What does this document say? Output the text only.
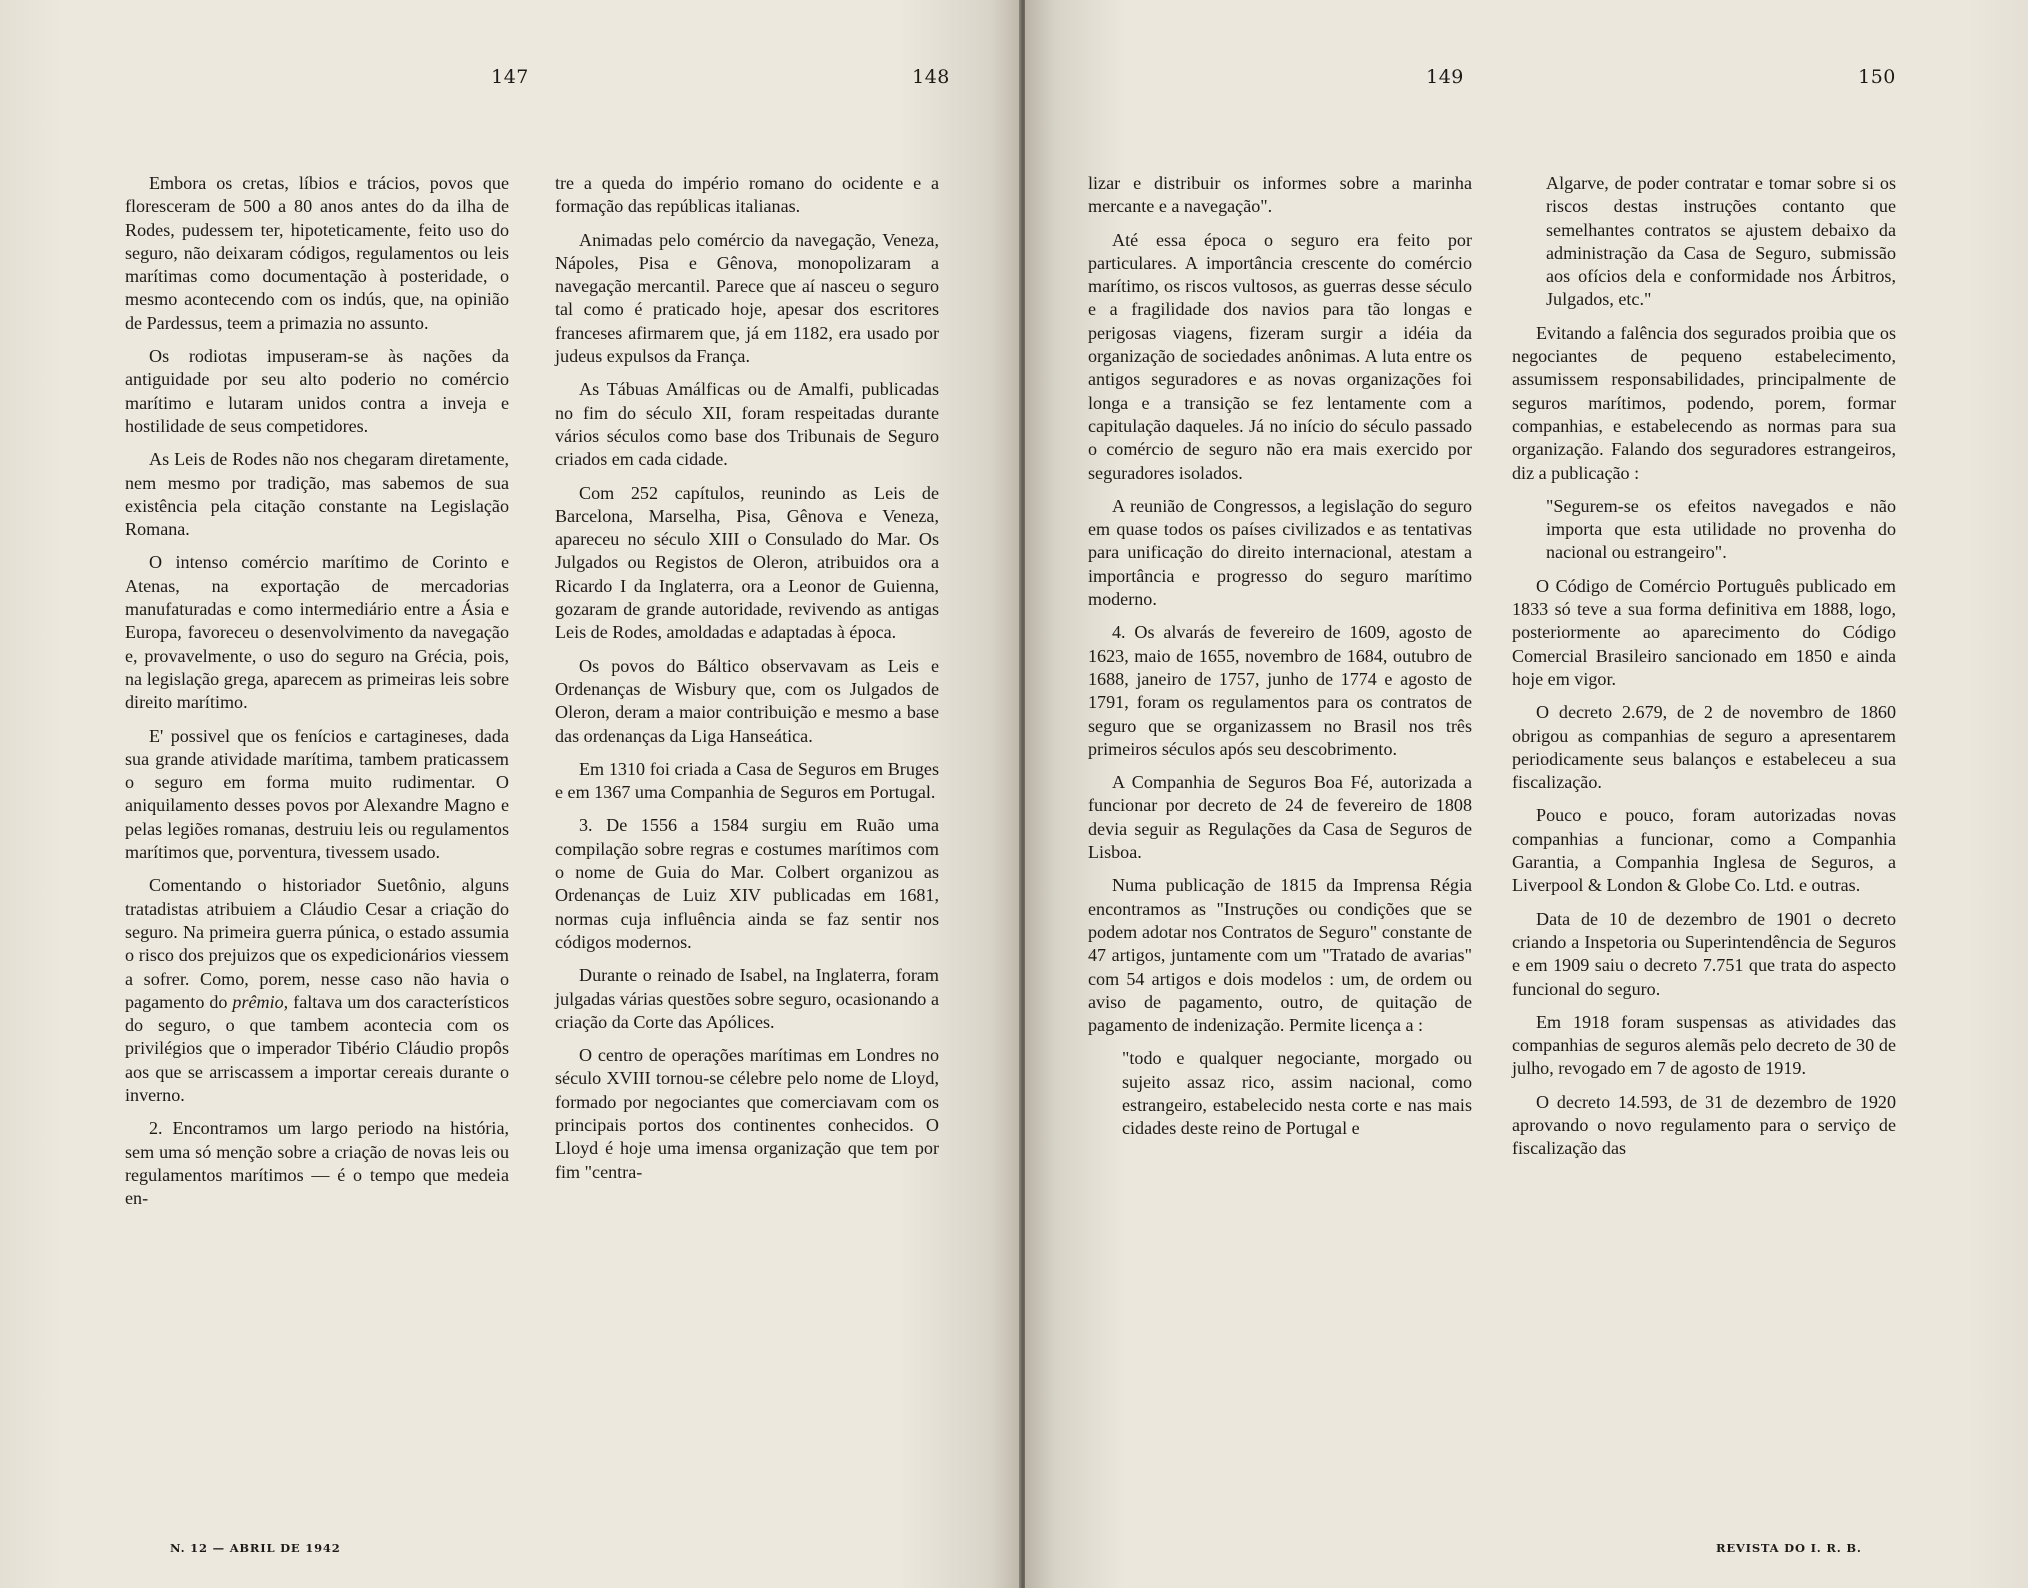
147	148

Embora os cretas, líbios e trácios, povos que floresceram de 500 a 80 anos antes do da ilha de Rodes, pudessem ter, hipoteticamente, feito uso do seguro, não deixaram códigos, regulamentos ou leis marítimas como documentação à posteridade, o mesmo acontecendo com os indús, que, na opinião de Pardessus, teem a primazia no assunto.

Os rodiotas impuseram-se às nações da antiguidade por seu alto poderio no comércio marítimo e lutaram unidos contra a inveja e hostilidade de seus competidores.

As Leis de Rodes não nos chegaram diretamente, nem mesmo por tradição, mas sabemos de sua existência pela citação constante na Legislação Romana.

O intenso comércio marítimo de Corinto e Atenas, na exportação de mercadorias manufaturadas e como intermediário entre a Ásia e Europa, favoreceu o desenvolvimento da navegação e, provavelmente, o uso do seguro na Grécia, pois, na legislação grega, aparecem as primeiras leis sobre direito marítimo.

E' possivel que os fenícios e cartagineses, dada sua grande atividade marítima, tambem praticassem o seguro em forma muito rudimentar. O aniquilamento desses povos por Alexandre Magno e pelas legiões romanas, destruiu leis ou regulamentos marítimos que, porventura, tivessem usado.

Comentando o historiador Suetônio, alguns tratadistas atribuiem a Cláudio Cesar a criação do seguro. Na primeira guerra púnica, o estado assumia o risco dos prejuizos que os expedicionários viessem a sofrer. Como, porem, nesse caso não havia o pagamento do prêmio, faltava um dos característicos do seguro, o que tambem acontecia com os privilégios que o imperador Tibério Cláudio propôs aos que se arriscassem a importar cereais durante o inverno.

2. Encontramos um largo periodo na história, sem uma só menção sobre a criação de novas leis ou regulamentos marítimos — é o tempo que medeia en-

tre a queda do império romano do ocidente e a formação das repúblicas italianas.

Animadas pelo comércio da navegação, Veneza, Nápoles, Pisa e Gênova, monopolizaram a navegação mercantil. Parece que aí nasceu o seguro tal como é praticado hoje, apesar dos escritores franceses afirmarem que, já em 1182, era usado por judeus expulsos da França.

As Tábuas Amálficas ou de Amalfi, publicadas no fim do século XII, foram respeitadas durante vários séculos como base dos Tribunais de Seguro criados em cada cidade.

Com 252 capítulos, reunindo as Leis de Barcelona, Marselha, Pisa, Gênova e Veneza, apareceu no século XIII o Consulado do Mar. Os Julgados ou Registos de Oleron, atribuidos ora a Ricardo I da Inglaterra, ora a Leonor de Guienna, gozaram de grande autoridade, revivendo as antigas Leis de Rodes, amoldadas e adaptadas à época.

Os povos do Báltico observavam as Leis e Ordenanças de Wisbury que, com os Julgados de Oleron, deram a maior contribuição e mesmo a base das ordenanças da Liga Hanseática.

Em 1310 foi criada a Casa de Seguros em Bruges e em 1367 uma Companhia de Seguros em Portugal.

3. De 1556 a 1584 surgiu em Ruão uma compilação sobre regras e costumes marítimos com o nome de Guia do Mar. Colbert organizou as Ordenanças de Luiz XIV publicadas em 1681, normas cuja influência ainda se faz sentir nos códigos modernos.

Durante o reinado de Isabel, na Inglaterra, foram julgadas várias questões sobre seguro, ocasionando a criação da Corte das Apólices.

O centro de operações marítimas em Londres no século XVIII tornou-se célebre pelo nome de Lloyd, formado por negociantes que comerciavam com os principais portos dos continentes conhecidos. O Lloyd é hoje uma imensa organização que tem por fim "centra-

N. 12 — ABRIL DE 1942
149	150

lizar e distribuir os informes sobre a marinha mercante e a navegação".

Até essa época o seguro era feito por particulares. A importância crescente do comércio marítimo, os riscos vultosos, as guerras desse século e a fragilidade dos navios para tão longas e perigosas viagens, fizeram surgir a idéia da organização de sociedades anônimas. A luta entre os antigos seguradores e as novas organizações foi longa e a transição se fez lentamente com a capitulação daqueles. Já no início do século passado o comércio de seguro não era mais exercido por seguradores isolados.

A reunião de Congressos, a legislação do seguro em quase todos os países civilizados e as tentativas para unificação do direito internacional, atestam a importância e progresso do seguro marítimo moderno.

4. Os alvarás de fevereiro de 1609, agosto de 1623, maio de 1655, novembro de 1684, outubro de 1688, janeiro de 1757, junho de 1774 e agosto de 1791, foram os regulamentos para os contratos de seguro que se organizassem no Brasil nos três primeiros séculos após seu descobrimento.

A Companhia de Seguros Boa Fé, autorizada a funcionar por decreto de 24 de fevereiro de 1808 devia seguir as Regulações da Casa de Seguros de Lisboa.

Numa publicação de 1815 da Imprensa Régia encontramos as "Instruções ou condições que se podem adotar nos Contratos de Seguro" constante de 47 artigos, juntamente com um "Tratado de avarias" com 54 artigos e dois modelos : um, de ordem ou aviso de pagamento, outro, de quitação de pagamento de indenização. Permite licença a :

"todo e qualquer negociante, morgado ou sujeito assaz rico, assim nacional, como estrangeiro, estabelecido nesta corte e nas mais cidades deste reino de Portugal e

Algarve, de poder contratar e tomar sobre si os riscos destas instruções contanto que semelhantes contratos se ajustem debaixo da administração da Casa de Seguro, submissão aos ofícios dela e conformidade nos Árbitros, Julgados, etc."

Evitando a falência dos segurados proibia que os negociantes de pequeno estabelecimento, assumissem responsabilidades, principalmente de seguros marítimos, podendo, porem, formar companhias, e estabelecendo as normas para sua organização. Falando dos seguradores estrangeiros, diz a publicação :

"Segurem-se os efeitos navegados e não importa que esta utilidade no provenha do nacional ou estrangeiro".

O Código de Comércio Português publicado em 1833 só teve a sua forma definitiva em 1888, logo, posteriormente ao aparecimento do Código Comercial Brasileiro sancionado em 1850 e ainda hoje em vigor.

O decreto 2.679, de 2 de novembro de 1860 obrigou as companhias de seguro a apresentarem periodicamente seus balanços e estabeleceu a sua fiscalização.

Pouco e pouco, foram autorizadas novas companhias a funcionar, como a Companhia Garantia, a Companhia Inglesa de Seguros, a Liverpool & London & Globe Co. Ltd. e outras.

Data de 10 de dezembro de 1901 o decreto criando a Inspetoria ou Superintendência de Seguros e em 1909 saiu o decreto 7.751 que trata do aspecto funcional do seguro.

Em 1918 foram suspensas as atividades das companhias de seguros alemãs pelo decreto de 30 de julho, revogado em 7 de agosto de 1919.

O decreto 14.593, de 31 de dezembro de 1920 aprovando o novo regulamento para o serviço de fiscalização das

REVISTA DO I. R. B.
